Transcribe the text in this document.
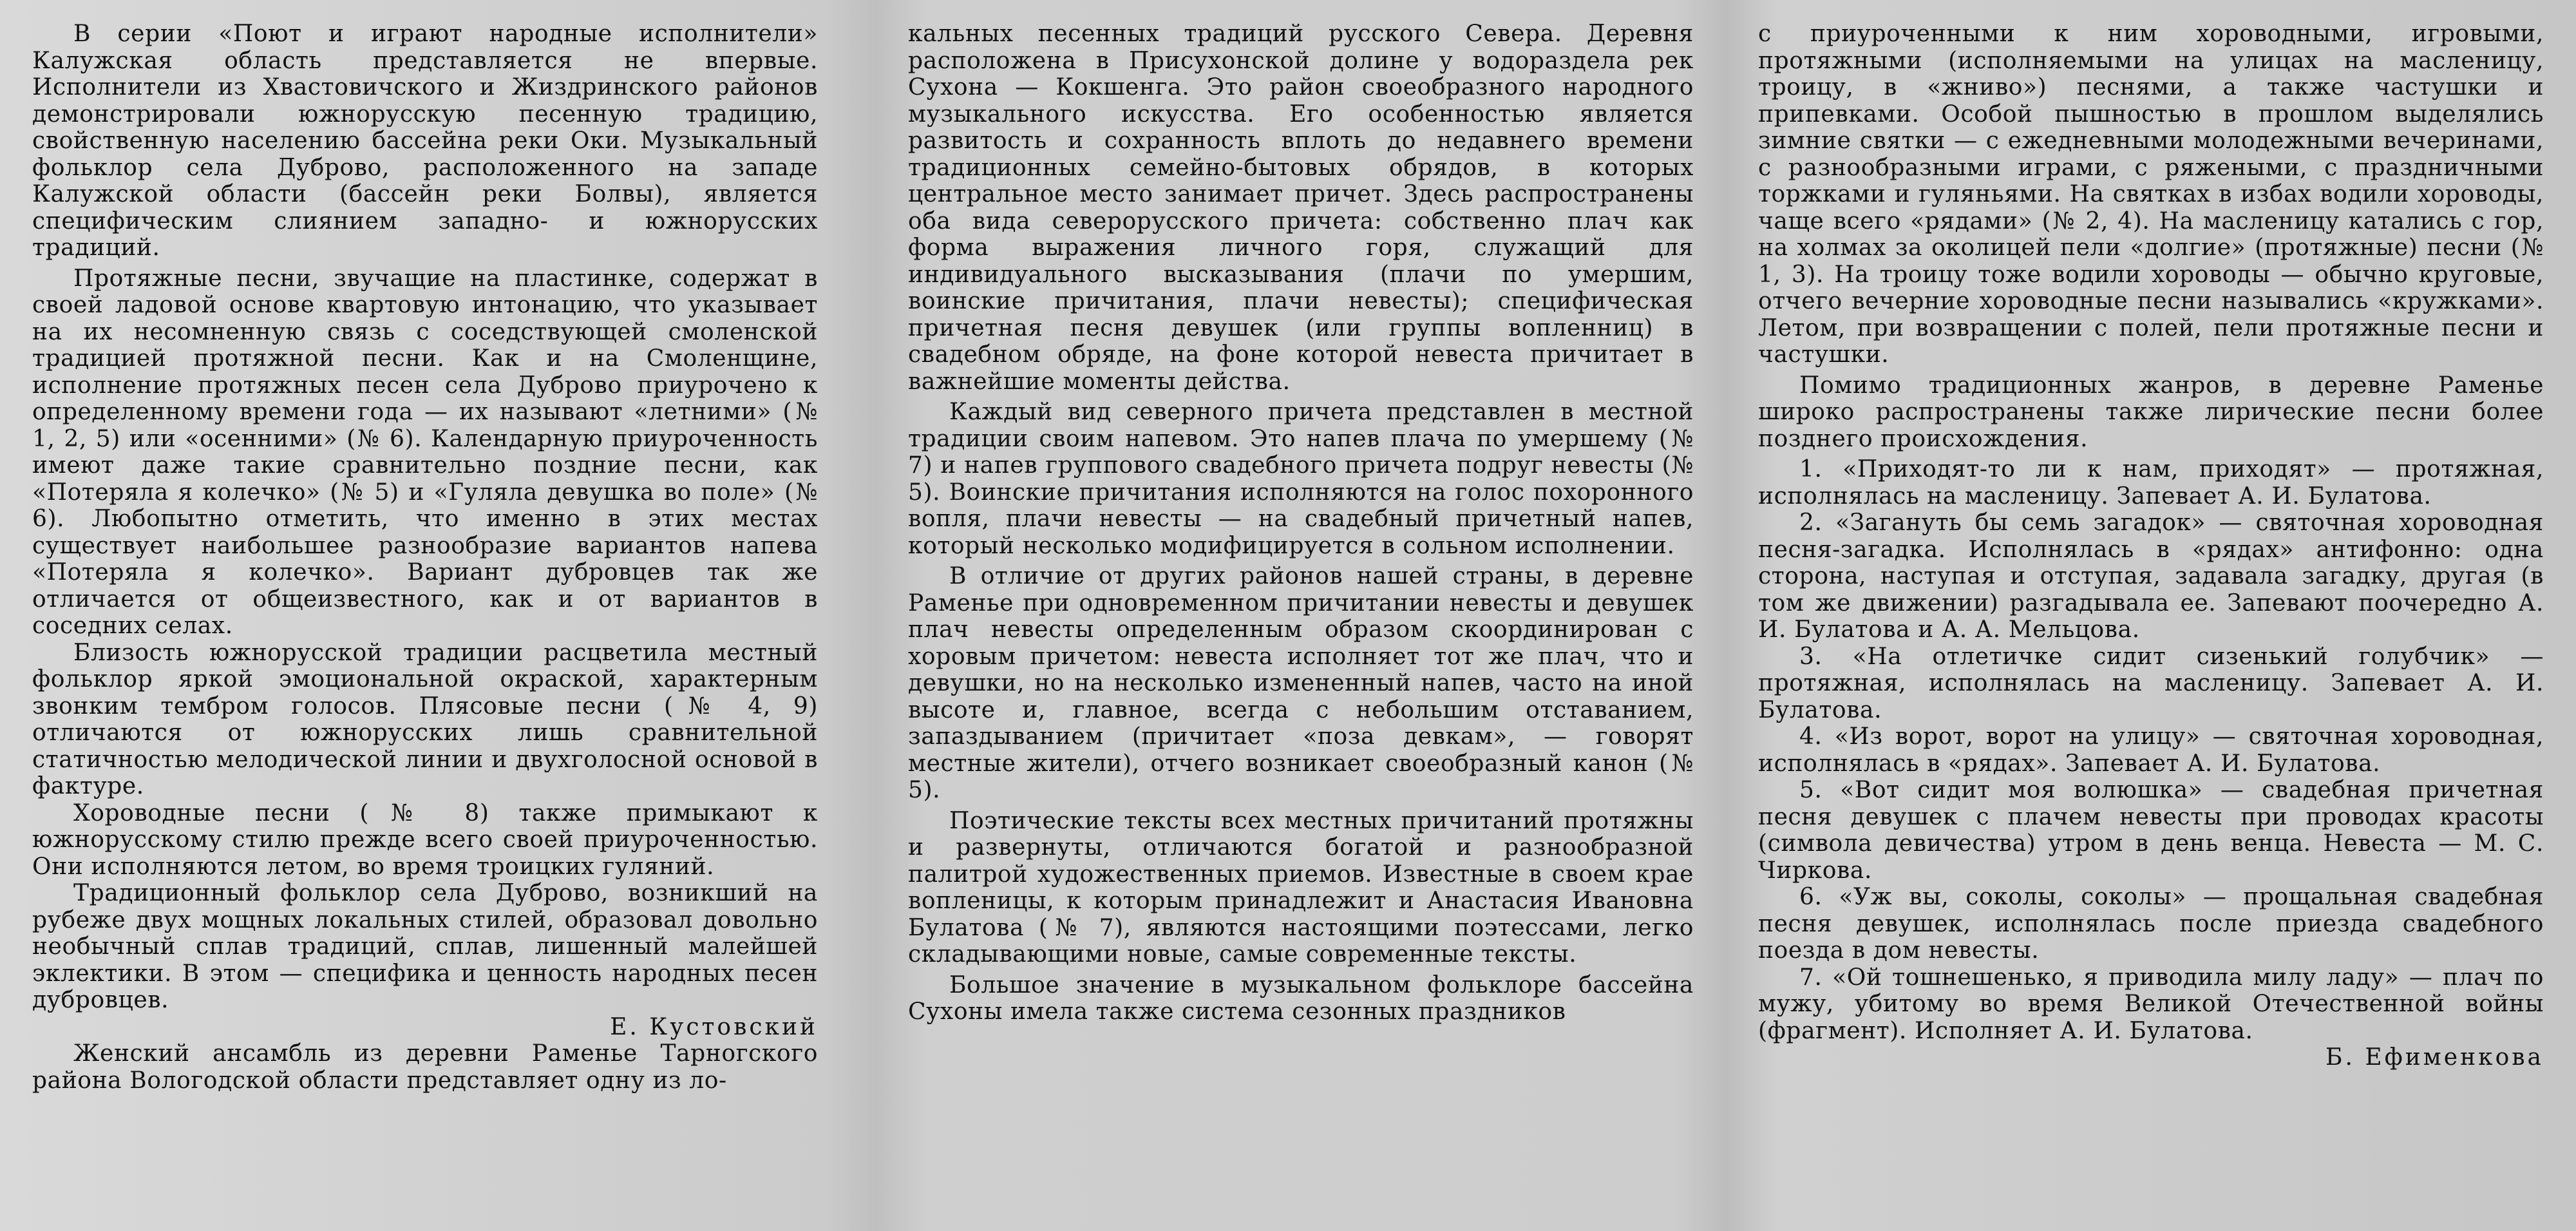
В серии «Поют и играют народные исполнители» Калужская область представляется не впервые. Исполнители из Хвастовичского и Жиздринского районов демонстрировали южнорусскую песенную традицию, свойственную населению бассейна реки Оки. Музыкальный фольклор села Дуброво, расположенного на западе Калужской области (бассейн реки Болвы), является специфическим слиянием западно- и южнорусских традиций.

Протяжные песни, звучащие на пластинке, содержат в своей ладовой основе квартовую интонацию, что указывает на их несомненную связь с соседствующей смоленской традицией протяжной песни. Как и на Смоленщине, исполнение протяжных песен села Дуброво приурочено к определенному времени года — их называют «летними» (№ 1, 2, 5) или «осенними» (№ 6). Календарную приуроченность имеют даже такие сравнительно поздние песни, как «Потеряла я колечко» (№ 5) и «Гуляла девушка во поле» (№ 6). Любопытно отметить, что именно в этих местах существует наибольшее разнообразие вариантов напева «Потеряла я колечко». Вариант дубровцев так же отличается от общеизвестного, как и от вариантов в соседних селах.

Близость южнорусской традиции расцветила местный фольклор яркой эмоциональной окраской, характерным звонким тембром голосов. Плясовые песни (№ 4, 9) отличаются от южнорусских лишь сравнительной статичностью мелодической линии и двухголосной основой в фактуре.

Хороводные песни (№ 8) также примыкают к южнорусскому стилю прежде всего своей приуроченностью. Они исполняются летом, во время троицких гуляний.

Традиционный фольклор села Дуброво, возникший на рубеже двух мощных локальных стилей, образовал довольно необычный сплав традиций, сплав, лишенный малейшей эклектики. В этом — специфика и ценность народных песен дубровцев.

Е. Кустовский

Женский ансамбль из деревни Раменье Тарногского района Вологодской области представляет одну из ло-

кальных песенных традиций русского Севера. Деревня расположена в Присухонской долине у водораздела рек Сухона — Кокшенга. Это район своеобразного народного музыкального искусства. Его особенностью является развитость и сохранность вплоть до недавнего времени традиционных семейно-бытовых обрядов, в которых центральное место занимает причет. Здесь распространены оба вида северорусского причета: собственно плач как форма выражения личного горя, служащий для индивидуального высказывания (плачи по умершим, воинские причитания, плачи невесты); специфическая причетная песня девушек (или группы вопленниц) в свадебном обряде, на фоне которой невеста причитает в важнейшие моменты действа.

Каждый вид северного причета представлен в местной традиции своим напевом. Это напев плача по умершему (№ 7) и напев группового свадебного причета подруг невесты (№ 5). Воинские причитания исполняются на голос похоронного вопля, плачи невесты — на свадебный причетный напев, который несколько модифицируется в сольном исполнении.

В отличие от других районов нашей страны, в деревне Раменье при одновременном причитании невесты и девушек плач невесты определенным образом скоординирован с хоровым причетом: невеста исполняет тот же плач, что и девушки, но на несколько измененный напев, часто на иной высоте и, главное, всегда с небольшим отставанием, запаздыванием (причитает «поза девкам», — говорят местные жители), отчего возникает своеобразный канон (№ 5).

Поэтические тексты всех местных причитаний протяжны и развернуты, отличаются богатой и разнообразной палитрой художественных приемов. Известные в своем крае вопленицы, к которым принадлежит и Анастасия Ивановна Булатова (№ 7), являются настоящими поэтессами, легко складывающими новые, самые современные тексты.

Большое значение в музыкальном фольклоре бассейна Сухоны имела также система сезонных праздников

с приуроченными к ним хороводными, игровыми, протяжными (исполняемыми на улицах на масленицу, троицу, в «жниво») песнями, а также частушки и припевками. Особой пышностью в прошлом выделялись зимние святки — с ежедневными молодежными вечеринами, с разнообразными играми, с ряжеными, с праздничными торжками и гуляньями. На святках в избах водили хороводы, чаще всего «рядами» (№ 2, 4). На масленицу катались с гор, на холмах за околицей пели «долгие» (протяжные) песни (№ 1, 3). На троицу тоже водили хороводы — обычно круговые, отчего вечерние хороводные песни назывались «кружками». Летом, при возвращении с полей, пели протяжные песни и частушки.

Помимо традиционных жанров, в деревне Раменье широко распространены также лирические песни более позднего происхождения.

1. «Приходят-то ли к нам, приходят» — протяжная, исполнялась на масленицу. Запевает А. И. Булатова.

2. «Загануть бы семь загадок» — святочная хороводная песня-загадка. Исполнялась в «рядах» антифонно: одна сторона, наступая и отступая, задавала загадку, другая (в том же движении) разгадывала ее. Запевают поочередно А. И. Булатова и А. А. Мельцова.

3. «На отлетичке сидит сизенький голубчик» — протяжная, исполнялась на масленицу. Запевает А. И. Булатова.

4. «Из ворот, ворот на улицу» — святочная хороводная, исполнялась в «рядах». Запевает А. И. Булатова.

5. «Вот сидит моя волюшка» — свадебная причетная песня девушек с плачем невесты при проводах красоты (символа девичества) утром в день венца. Невеста — М. С. Чиркова.

6. «Уж вы, соколы, соколы» — прощальная свадебная песня девушек, исполнялась после приезда свадебного поезда в дом невесты.

7. «Ой тошнешенько, я приводила милу ладу» — плач по мужу, убитому во время Великой Отечественной войны (фрагмент). Исполняет А. И. Булатова.

Б. Ефименкова
